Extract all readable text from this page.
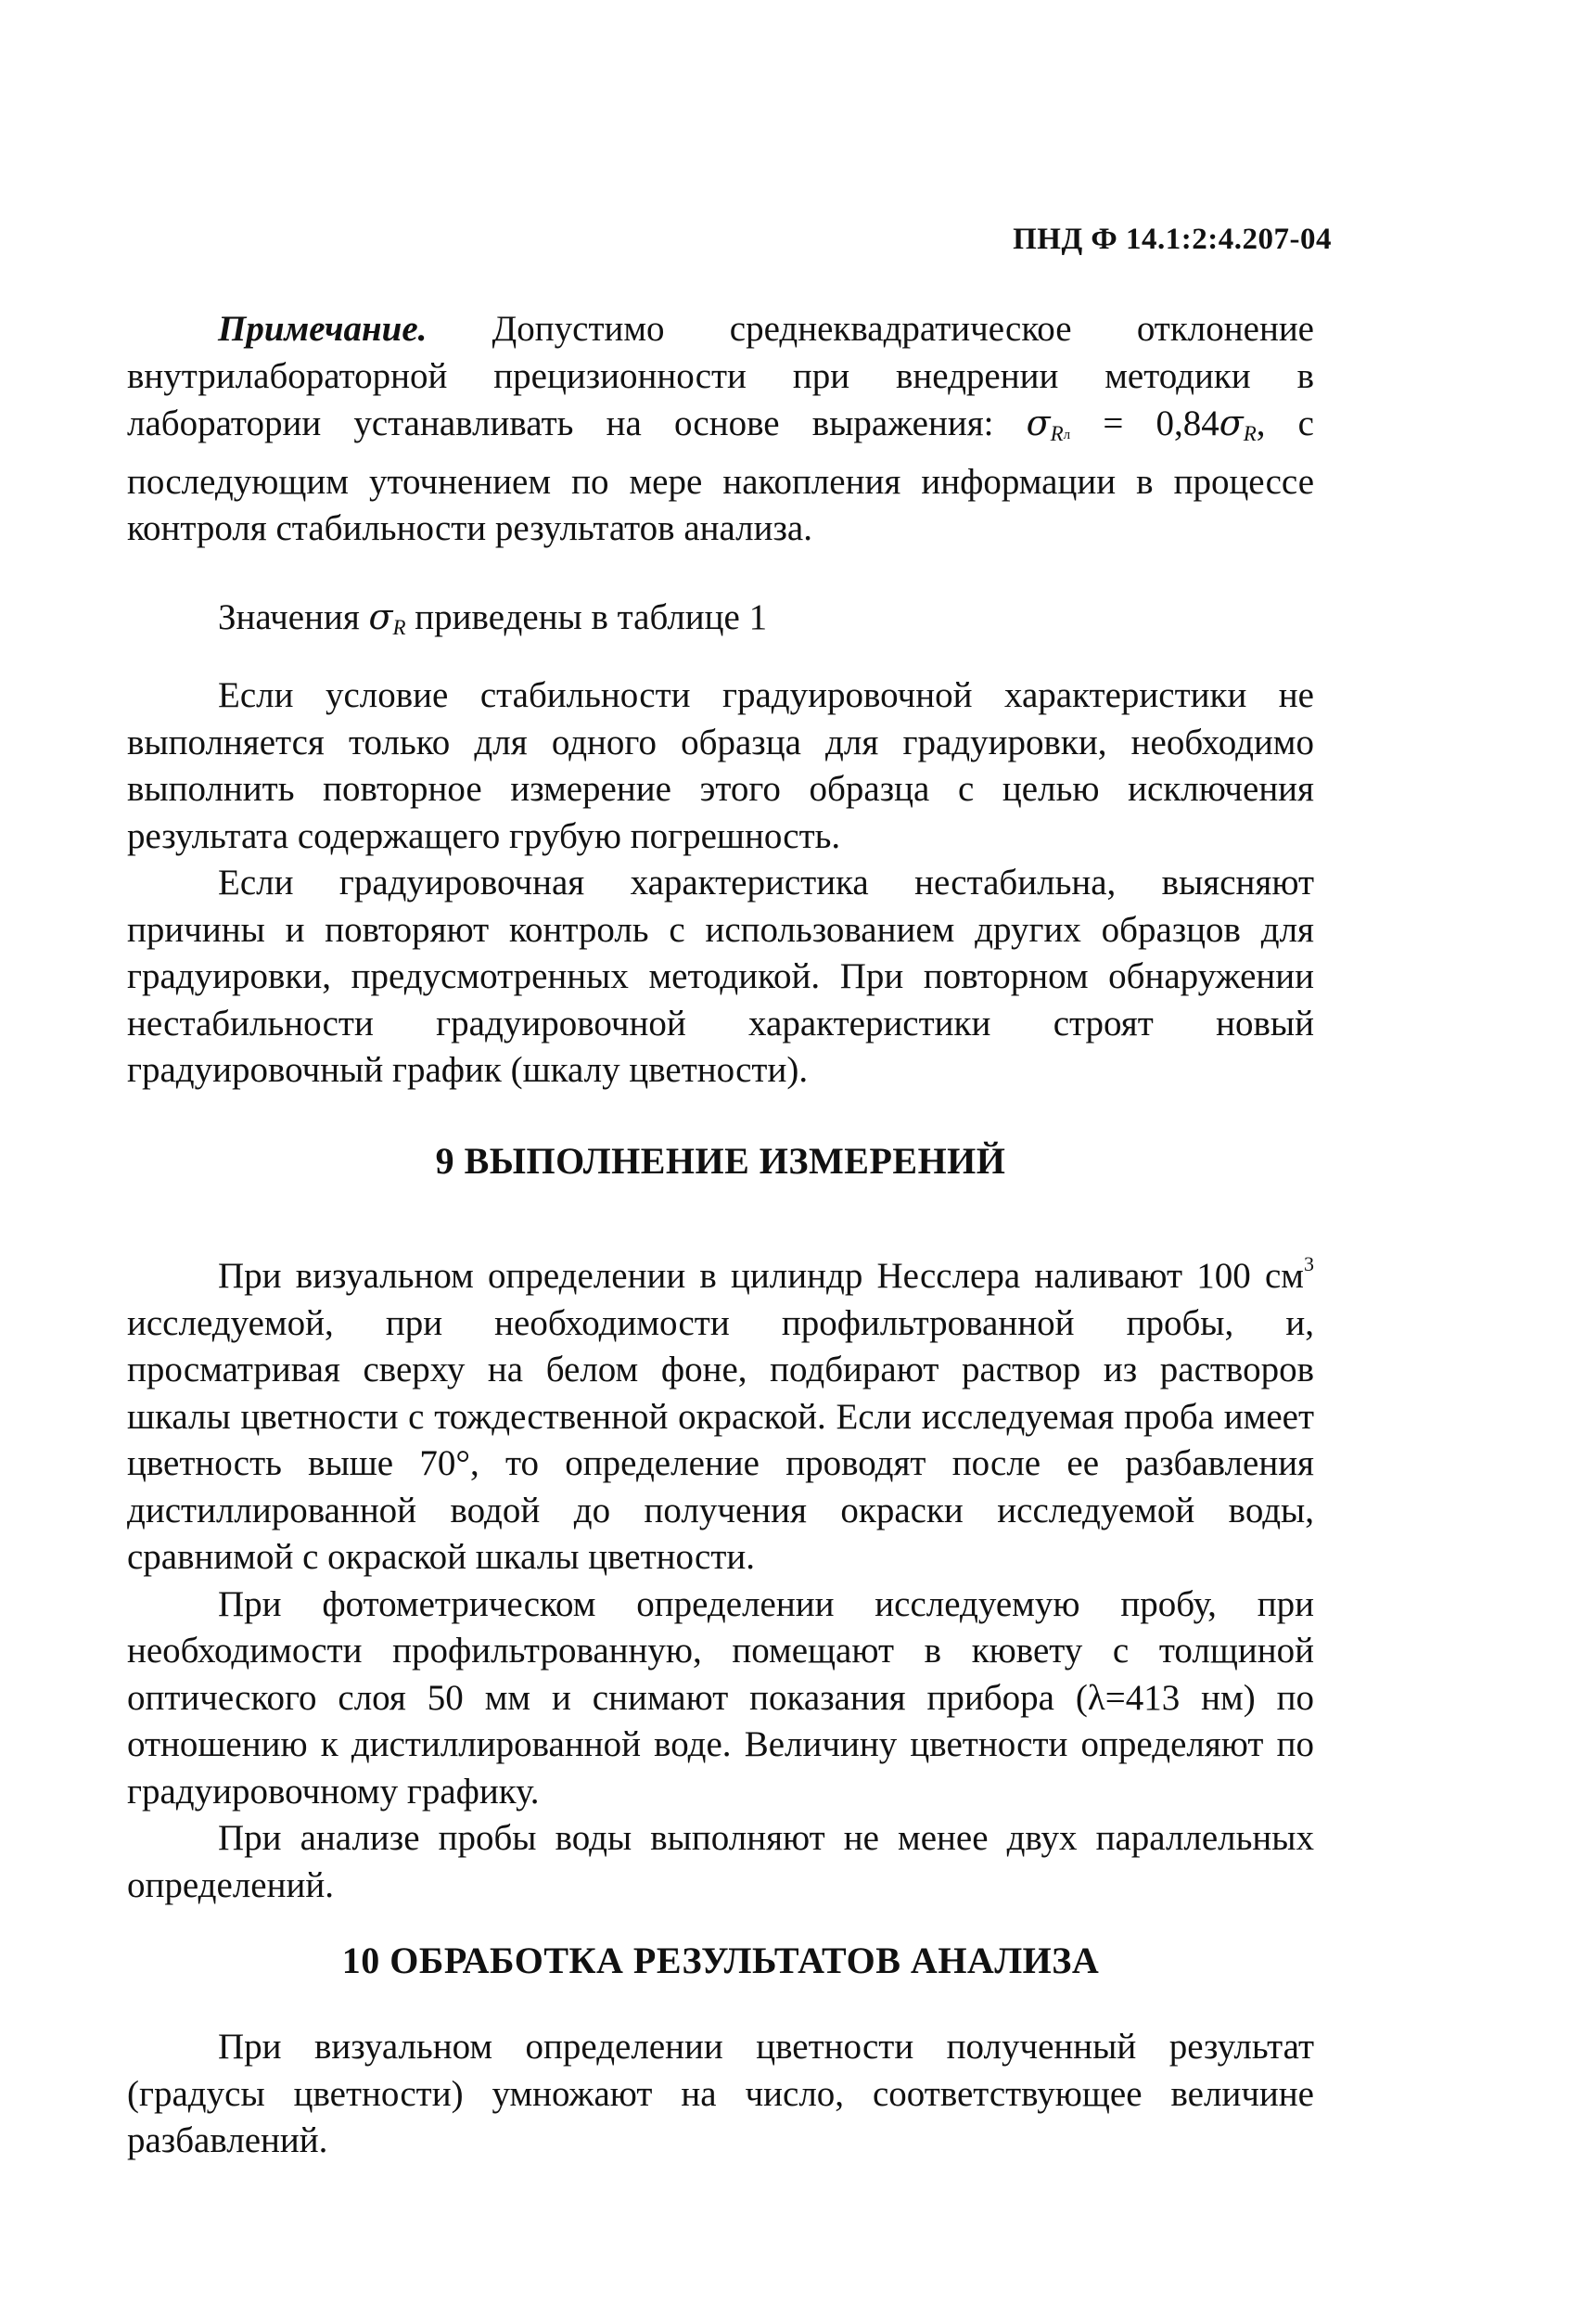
ПНД Ф 14.1:2:4.207-04

Примечание. Допустимо среднеквадратическое отклонение внутрилабораторной прецизионности при внедрении методики в лаборатории устанавливать на основе выражения: $\sigma_Rл = 0,84\sigma_R$, с последующим уточнением по мере накопления информации в процессе контроля стабильности результатов анализа.

Значения $\sigma_R$ приведены в таблице 1

Если условие стабильности градуировочной характеристики не выполняется только для одного образца для градуировки, необходимо выполнить повторное измерение этого образца с целью исключения результата содержащего грубую погрешность.

Если градуировочная характеристика нестабильна, выясняют причины и повторяют контроль с использованием других образцов для градуировки, предусмотренных методикой. При повторном обнаружении нестабильности градуировочной характеристики строят новый градуировочный график (шкалу цветности).

9 ВЫПОЛНЕНИЕ ИЗМЕРЕНИЙ

При визуальном определении в цилиндр Несслера наливают 100 $см^3$ исследуемой, при необходимости профильтрованной пробы, и, просматривая сверху на белом фоне, подбирают раствор из растворов шкалы цветности с тождественной окраской. Если исследуемая проба имеет цветность выше 70°, то определение проводят после ее разбавления дистиллированной водой до получения окраски исследуемой воды, сравнимой с окраской шкалы цветности.

При фотометрическом определении исследуемую пробу, при необходимости профильтрованную, помещают в кювету с толщиной оптического слоя 50 мм и снимают показания прибора (λ=413 нм) по отношению к дистиллированной воде. Величину цветности определяют по градуировочному графику.

При анализе пробы воды выполняют не менее двух параллельных определений.

10 ОБРАБОТКА РЕЗУЛЬТАТОВ АНАЛИЗА

При визуальном определении цветности полученный результат (градусы цветности) умножают на число, соответствующее величине разбавлений.
